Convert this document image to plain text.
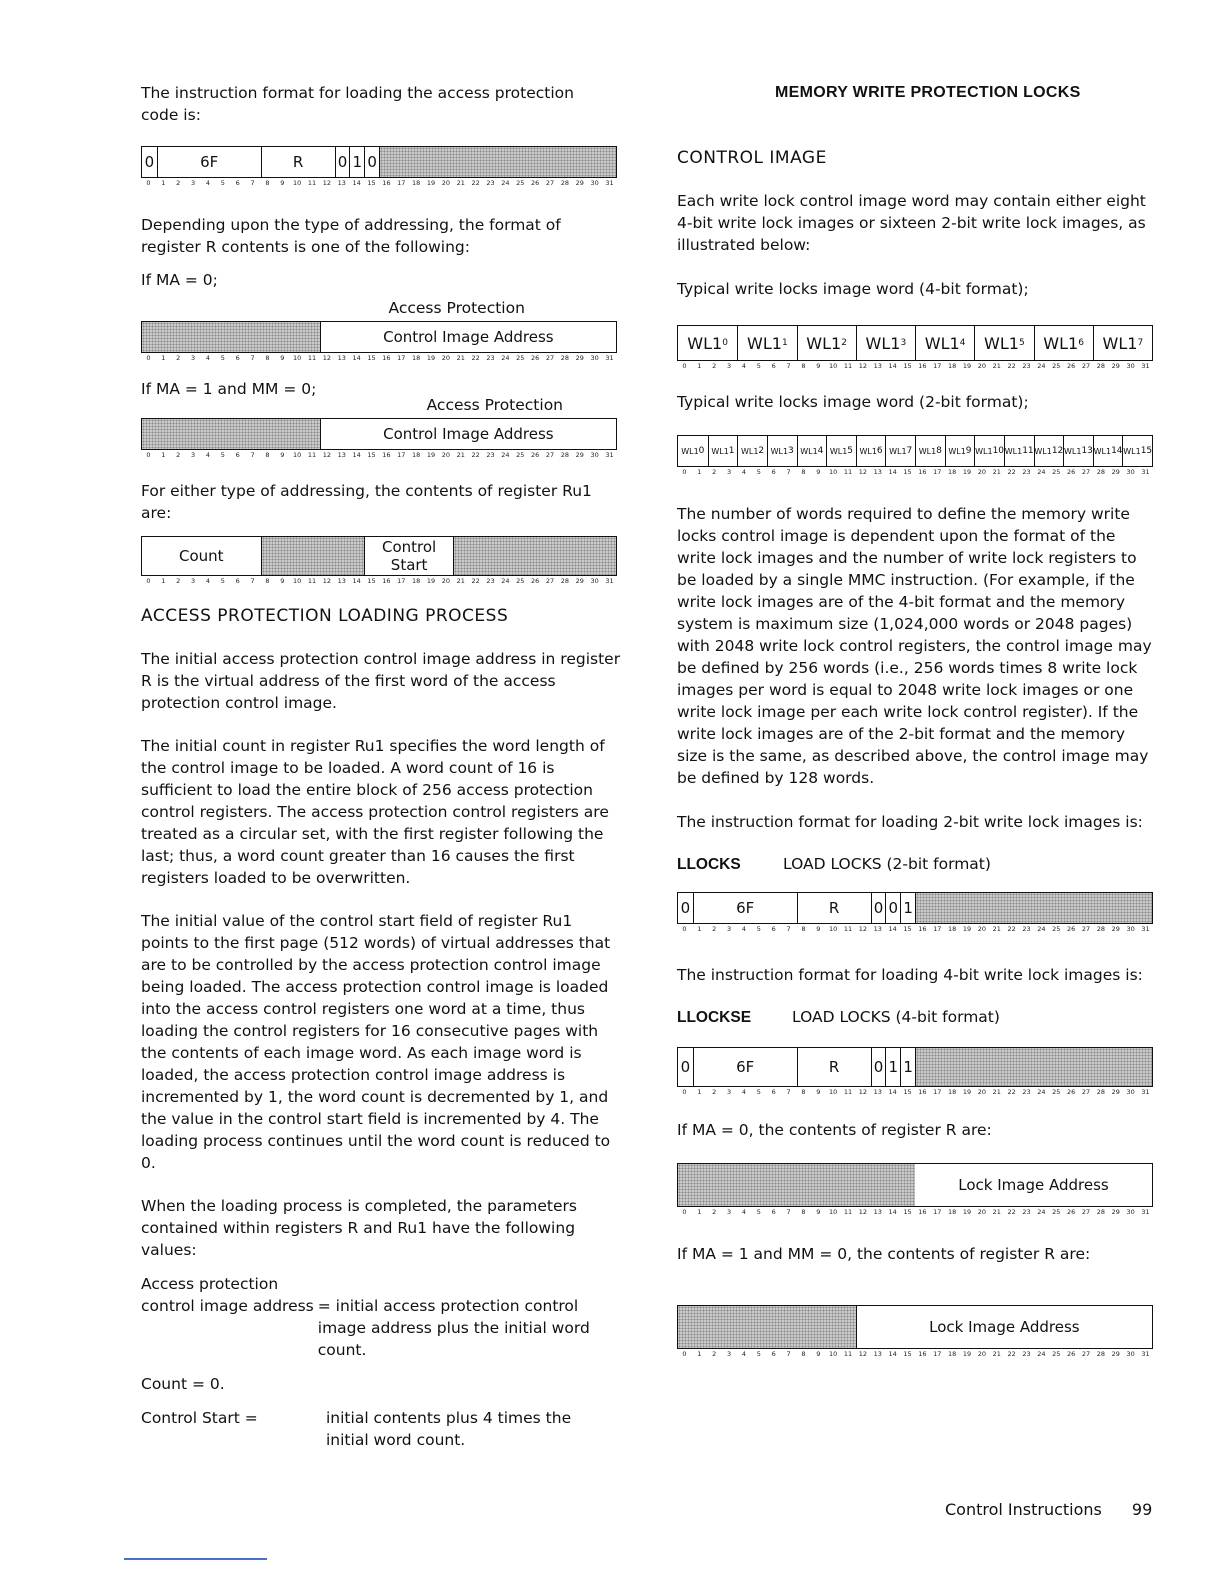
MEMORY WRITE PROTECTION LOCKS

The instruction format for loading the access protection code is:

0	6F	R	0 1 0
0	1	2	3	4	5	6	7	8	9	10	11	12	13	14	15	16	17	18	19	20	21	22	23	24	25	26	27	28	29	30	31

Depending upon the type of addressing, the format of register R contents is one of the following:

If MA = 0;

Access Protection
Control Image Address
0	1	2	3	4	5	6	7	8	9	10	11	12	13	14	15	16	17	18	19	20	21	22	23	24	25	26	27	28	29	30	31

If MA = 1 and MM = 0;

Access Protection
Control Image Address
0	1	2	3	4	5	6	7	8	9	10	11	12	13	14	15	16	17	18	19	20	21	22	23	24	25	26	27	28	29	30	31

For either type of addressing, the contents of register Ru1 are:

Count	Control
Start
0	1	2	3	4	5	6	7	8	9	10	11	12	13	14	15	16	17	18	19	20	21	22	23	24	25	26	27	28	29	30	31
ACCESS PROTECTION LOADING PROCESS

The initial access protection control image address in register R is the virtual address of the first word of the access protection control image.

The initial count in register Ru1 specifies the word length of the control image to be loaded. A word count of 16 is sufficient to load the entire block of 256 access protection control registers. The access protection control registers are treated as a circular set, with the first register following the last; thus, a word count greater than 16 causes the first registers loaded to be overwritten.

The initial value of the control start field of register Ru1 points to the first page (512 words) of virtual addresses that are to be controlled by the access protection control image being loaded. The access protection control image is loaded into the access control registers one word at a time, thus loading the control registers for 16 consecutive pages with the contents of each image word. As each image word is loaded, the access protection control image address is incremented by 1, the word count is decremented by 1, and the value in the control start field is incremented by 4. The loading process continues until the word count is reduced to 0.

When the loading process is completed, the parameters contained within registers R and Ru1 have the following values:

Access protection
control image address = initial access protection control image address plus the initial word count.
Count = 0.
Control Start =	initial contents plus 4 times the initial word count.
CONTROL IMAGE

Each write lock control image word may contain either eight 4-bit write lock images or sixteen 2-bit write lock images, as illustrated below:

Typical write locks image word (4-bit format);

WL1 0 WL1 1 WL1 2 WL1 3 WL1 4 WL1 5 WL1 6 WL1 7
0	1	2	3	4	5	6	7	8	9	10	11	12	13	14	15	16	17	18	19	20	21	22	23	24	25	26	27	28	29	30	31

Typical write locks image word (2-bit format);

WL1 0 WL1 1 WL1 2 WL1 3 WL1 4 WL1 5 WL1 6 WL1 7 WL1 8 WL1 9 WL1 10 WL1 11 WL1 12 WL1 13 WL1 14 WL1 15
0	1	2	3	4	5	6	7	8	9	10	11	12	13	14	15	16	17	18	19	20	21	22	23	24	25	26	27	28	29	30	31

The number of words required to define the memory write locks control image is dependent upon the format of the write lock images and the number of write lock registers to be loaded by a single MMC instruction. (For example, if the write lock images are of the 4-bit format and the memory system is maximum size (1,024,000 words or 2048 pages) with 2048 write lock control registers, the control image may be defined by 256 words (i.e., 256 words times 8 write lock images per word is equal to 2048 write lock images or one write lock image per each write lock control register). If the write lock images are of the 2-bit format and the memory size is the same, as described above, the control image may be defined by 128 words.

The instruction format for loading 2-bit write lock images is:

LLOCKS	LOAD LOCKS (2-bit format)
0	6F	R	0 0 1
0	1	2	3	4	5	6	7	8	9	10	11	12	13	14	15	16	17	18	19	20	21	22	23	24	25	26	27	28	29	30	31

The instruction format for loading 4-bit write lock images is:

LLOCKSE	LOAD LOCKS (4-bit format)
0	6F	R	0 1 1
0	1	2	3	4	5	6	7	8	9	10	11	12	13	14	15	16	17	18	19	20	21	22	23	24	25	26	27	28	29	30	31

If MA = 0, the contents of register R are:

Lock Image Address
0	1	2	3	4	5	6	7	8	9	10	11	12	13	14	15	16	17	18	19	20	21	22	23	24	25	26	27	28	29	30	31

If MA = 1 and MM = 0, the contents of register R are:

Lock Image Address
0	1	2	3	4	5	6	7	8	9	10	11	12	13	14	15	16	17	18	19	20	21	22	23	24	25	26	27	28	29	30	31
Control Instructions 99
